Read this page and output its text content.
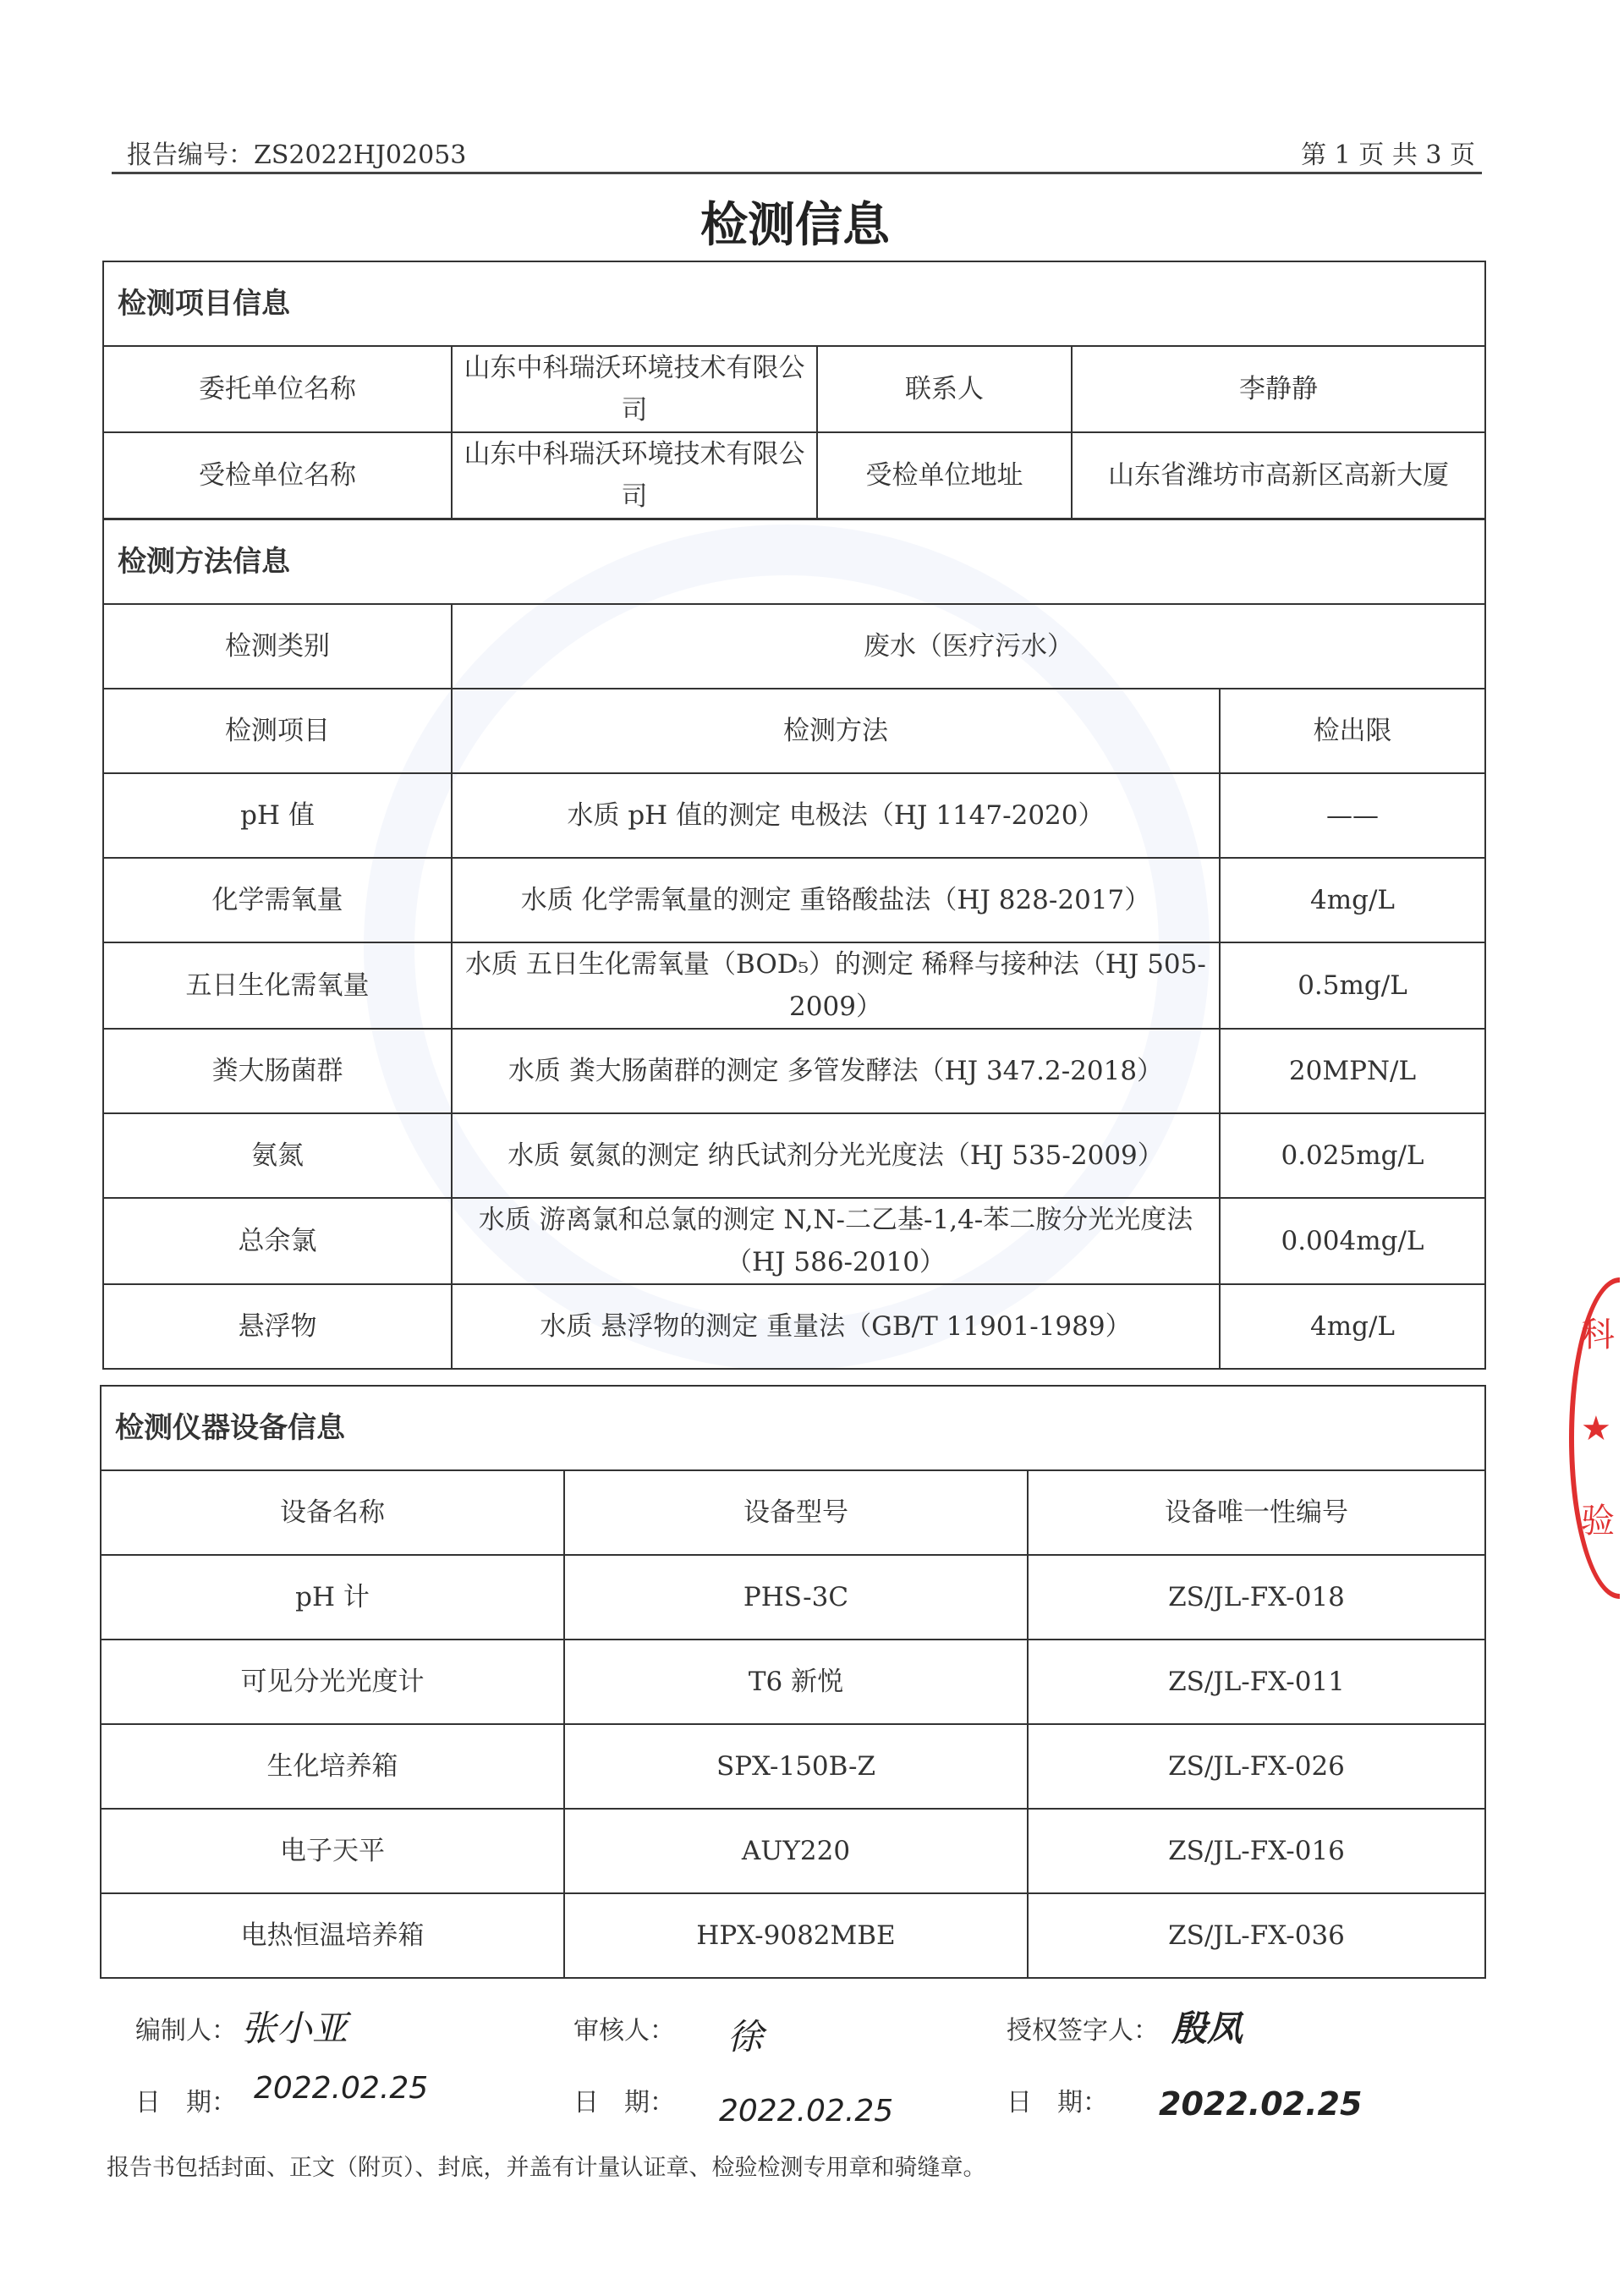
报告编号：ZS2022HJ02053	第 1 页 共 3 页
检测信息
检测项目信息			
委托单位名称	山东中科瑞沃环境技术有限公司	联系人	李静静
受检单位名称	山东中科瑞沃环境技术有限公司	受检单位地址	山东省潍坊市高新区高新大厦
检测方法信息		
检测类别	废水（医疗污水）	
检测项目	检测方法	检出限
pH 值	水质 pH 值的测定 电极法（HJ 1147-2020）	——
化学需氧量	水质 化学需氧量的测定 重铬酸盐法（HJ 828-2017）	4mg/L
五日生化需氧量	水质 五日生化需氧量（BOD₅）的测定 稀释与接种法（HJ 505-2009）	0.5mg/L
粪大肠菌群	水质 粪大肠菌群的测定 多管发酵法（HJ 347.2-2018）	20MPN/L
氨氮	水质 氨氮的测定 纳氏试剂分光光度法（HJ 535-2009）	0.025mg/L
总余氯	水质 游离氯和总氯的测定 N,N-二乙基-1,4-苯二胺分光光度法（HJ 586-2010）	0.004mg/L
悬浮物	水质 悬浮物的测定 重量法（GB/T 11901-1989）	4mg/L
检测仪器设备信息		
设备名称	设备型号	设备唯一性编号
pH 计	PHS-3C	ZS/JL-FX-018
可见分光光度计	T6 新悦	ZS/JL-FX-011
生化培养箱	SPX-150B-Z	ZS/JL-FX-026
电子天平	AUY220	ZS/JL-FX-016
电热恒温培养箱	HPX-9082MBE	ZS/JL-FX-036
编制人： 张小亚
日　期： 2022.02.25
审核人： 徐
日　期： 2022.02.25
授权签字人： 殷凤
日　期： 2022.02.25
报告书包括封面、正文（附页）、封底，并盖有计量认证章、检验检测专用章和骑缝章。
科
★
验
